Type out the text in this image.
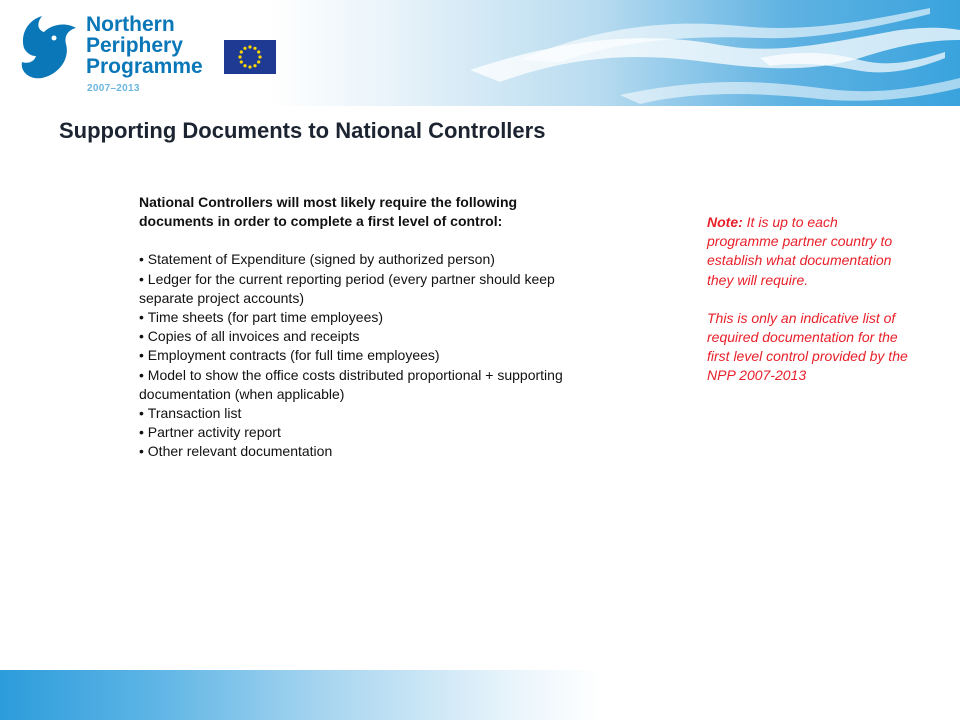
Northern
Periphery
Programme
2007–2013
Supporting Documents to National Controllers
National Controllers will most likely require the following documents in order to complete a first level of control:
• Statement of Expenditure (signed by authorized person)
• Ledger for the current reporting period (every partner should keep separate project accounts)
• Time sheets (for part time employees)
• Copies of all invoices and receipts
• Employment contracts (for full time employees)
• Model to show the office costs distributed proportional + supporting documentation (when applicable)
• Transaction list
• Partner activity report
• Other relevant documentation

Note: It is up to each programme partner country to establish what documentation they will require.

This is only an indicative list of required documentation for the first level control provided by the NPP 2007-2013
